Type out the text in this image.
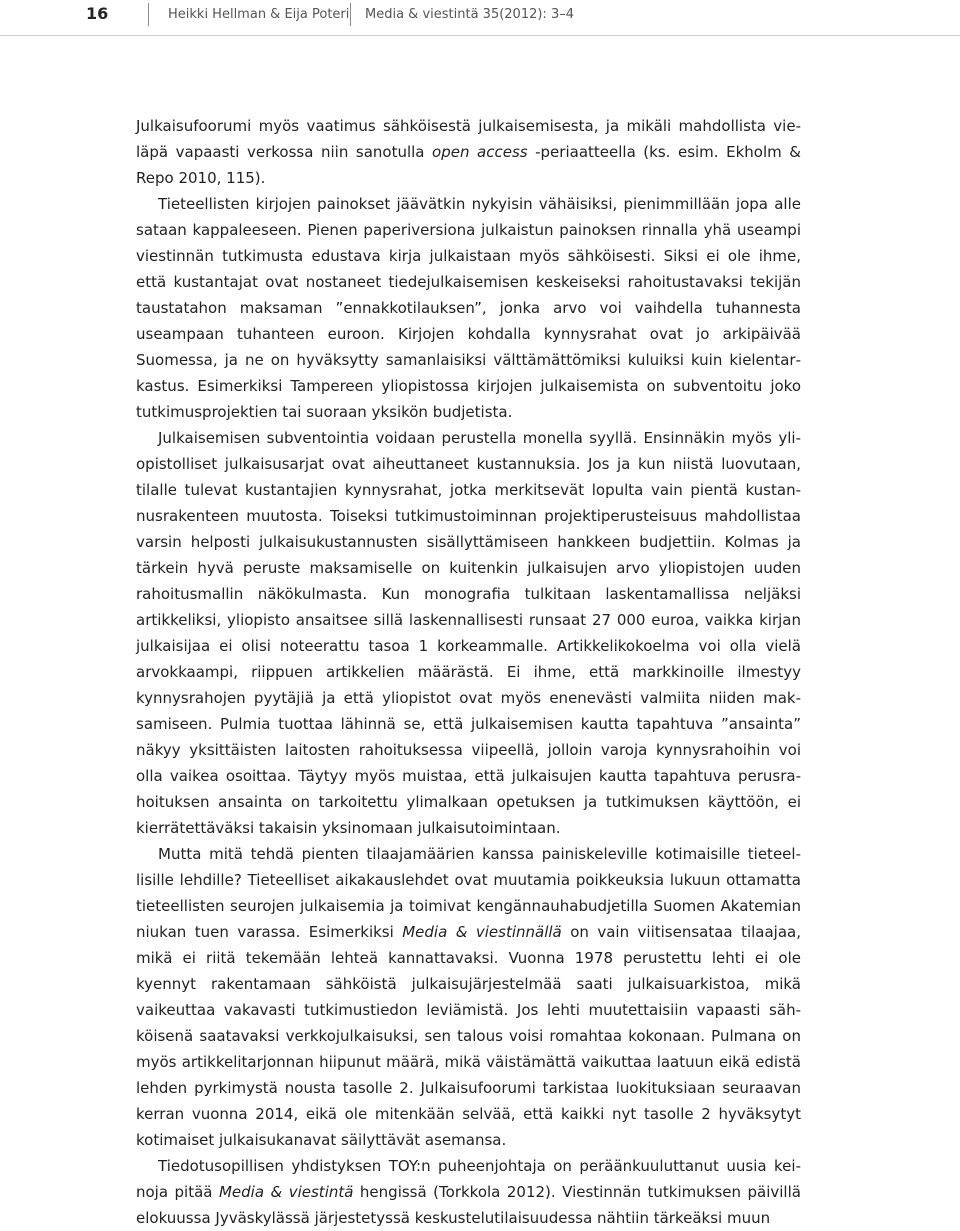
16	Heikki Hellman & Eija Poteri Media & viestintä 35(2012): 3–4

Julkaisufoorumi myös vaatimus sähköisestä julkaisemisesta, ja mikäli mahdollista vieläpä vapaasti verkossa niin sanotulla open access -periaatteella (ks. esim. Ekholm & Repo 2010, 115).

Tieteellisten kirjojen painokset jäävätkin nykyisin vähäisiksi, pienimmillään jopa alle sataan kappaleeseen. Pienen paperiversiona julkaistun painoksen rinnalla yhä useampi viestinnän tutkimusta edustava kirja julkaistaan myös sähköisesti. Siksi ei ole ihme, että kustantajat ovat nostaneet tiedejulkaisemisen keskeiseksi rahoitustavaksi tekijän taustatahon maksaman ”ennakkotilauksen”, jonka arvo voi vaihdella tuhannesta useampaan tuhanteen euroon. Kirjojen kohdalla kynnysrahat ovat jo arkipäivää Suomessa, ja ne on hyväksytty samanlaisiksi välttämättömiksi kuluiksi kuin kielentarkastus. Esimerkiksi Tampereen yliopistossa kirjojen julkaisemista on subventoitu joko tutkimusprojektien tai suoraan yksikön budjetista.

Julkaisemisen subventointia voidaan perustella monella syyllä. Ensinnäkin myös yliopistolliset julkaisusarjat ovat aiheuttaneet kustannuksia. Jos ja kun niistä luovutaan, tilalle tulevat kustantajien kynnysrahat, jotka merkitsevät lopulta vain pientä kustannusrakenteen muutosta. Toiseksi tutkimustoiminnan projektiperusteisuus mahdollistaa varsin helposti julkaisukustannusten sisällyttämiseen hankkeen budjettiin. Kolmas ja tärkein hyvä peruste maksamiselle on kuitenkin julkaisujen arvo yliopistojen uuden rahoitusmallin näkökulmasta. Kun monografia tulkitaan laskentamallissa neljäksi artikkeliksi, yliopisto ansaitsee sillä laskennallisesti runsaat 27 000 euroa, vaikka kirjan julkaisijaa ei olisi noteerattu tasoa 1 korkeammalle. Artikkelikokoelma voi olla vielä arvokkaampi, riippuen artikkelien määrästä. Ei ihme, että markkinoille ilmestyy kynnysrahojen pyytäjiä ja että yliopistot ovat myös enenevästi valmiita niiden maksamiseen. Pulmia tuottaa lähinnä se, että julkaisemisen kautta tapahtuva ”ansainta” näkyy yksittäisten laitosten rahoituksessa viipeellä, jolloin varoja kynnysrahoihin voi olla vaikea osoittaa. Täytyy myös muistaa, että julkaisujen kautta tapahtuva perusrahoituksen ansainta on tarkoitettu ylimalkaan opetuksen ja tutkimuksen käyttöön, ei kierrätettäväksi takaisin yksinomaan julkaisutoimintaan.

Mutta mitä tehdä pienten tilaajamäärien kanssa painiskeleville kotimaisille tieteellisille lehdille? Tieteelliset aikakauslehdet ovat muutamia poikkeuksia lukuun ottamatta tieteellisten seurojen julkaisemia ja toimivat kengännauhabudjetilla Suomen Akatemian niukan tuen varassa. Esimerkiksi Media & viestinnällä on vain viitisensataa tilaajaa, mikä ei riitä tekemään lehteä kannattavaksi. Vuonna 1978 perustettu lehti ei ole kyennyt rakentamaan sähköistä julkaisujärjestelmää saati julkaisuarkistoa, mikä vaikeuttaa vakavasti tutkimustiedon leviämistä. Jos lehti muutettaisiin vapaasti sähköisenä saatavaksi verkkojulkaisuksi, sen talous voisi romahtaa kokonaan. Pulmana on myös artikkelitarjonnan hiipunut määrä, mikä väistämättä vaikuttaa laatuun eikä edistä lehden pyrkimystä nousta tasolle 2. Julkaisufoorumi tarkistaa luokituksiaan seuraavan kerran vuonna 2014, eikä ole mitenkään selvää, että kaikki nyt tasolle 2 hyväksytyt kotimaiset julkaisukanavat säilyttävät asemansa.

Tiedotusopillisen yhdistyksen TOY:n puheenjohtaja on peräänkuuluttanut uusia keinoja pitää Media & viestintä hengissä (Torkkola 2012). Viestinnän tutkimuksen päivillä elokuussa Jyväskylässä järjestetyssä keskustelutilaisuudessa nähtiin tärkeäksi muun
